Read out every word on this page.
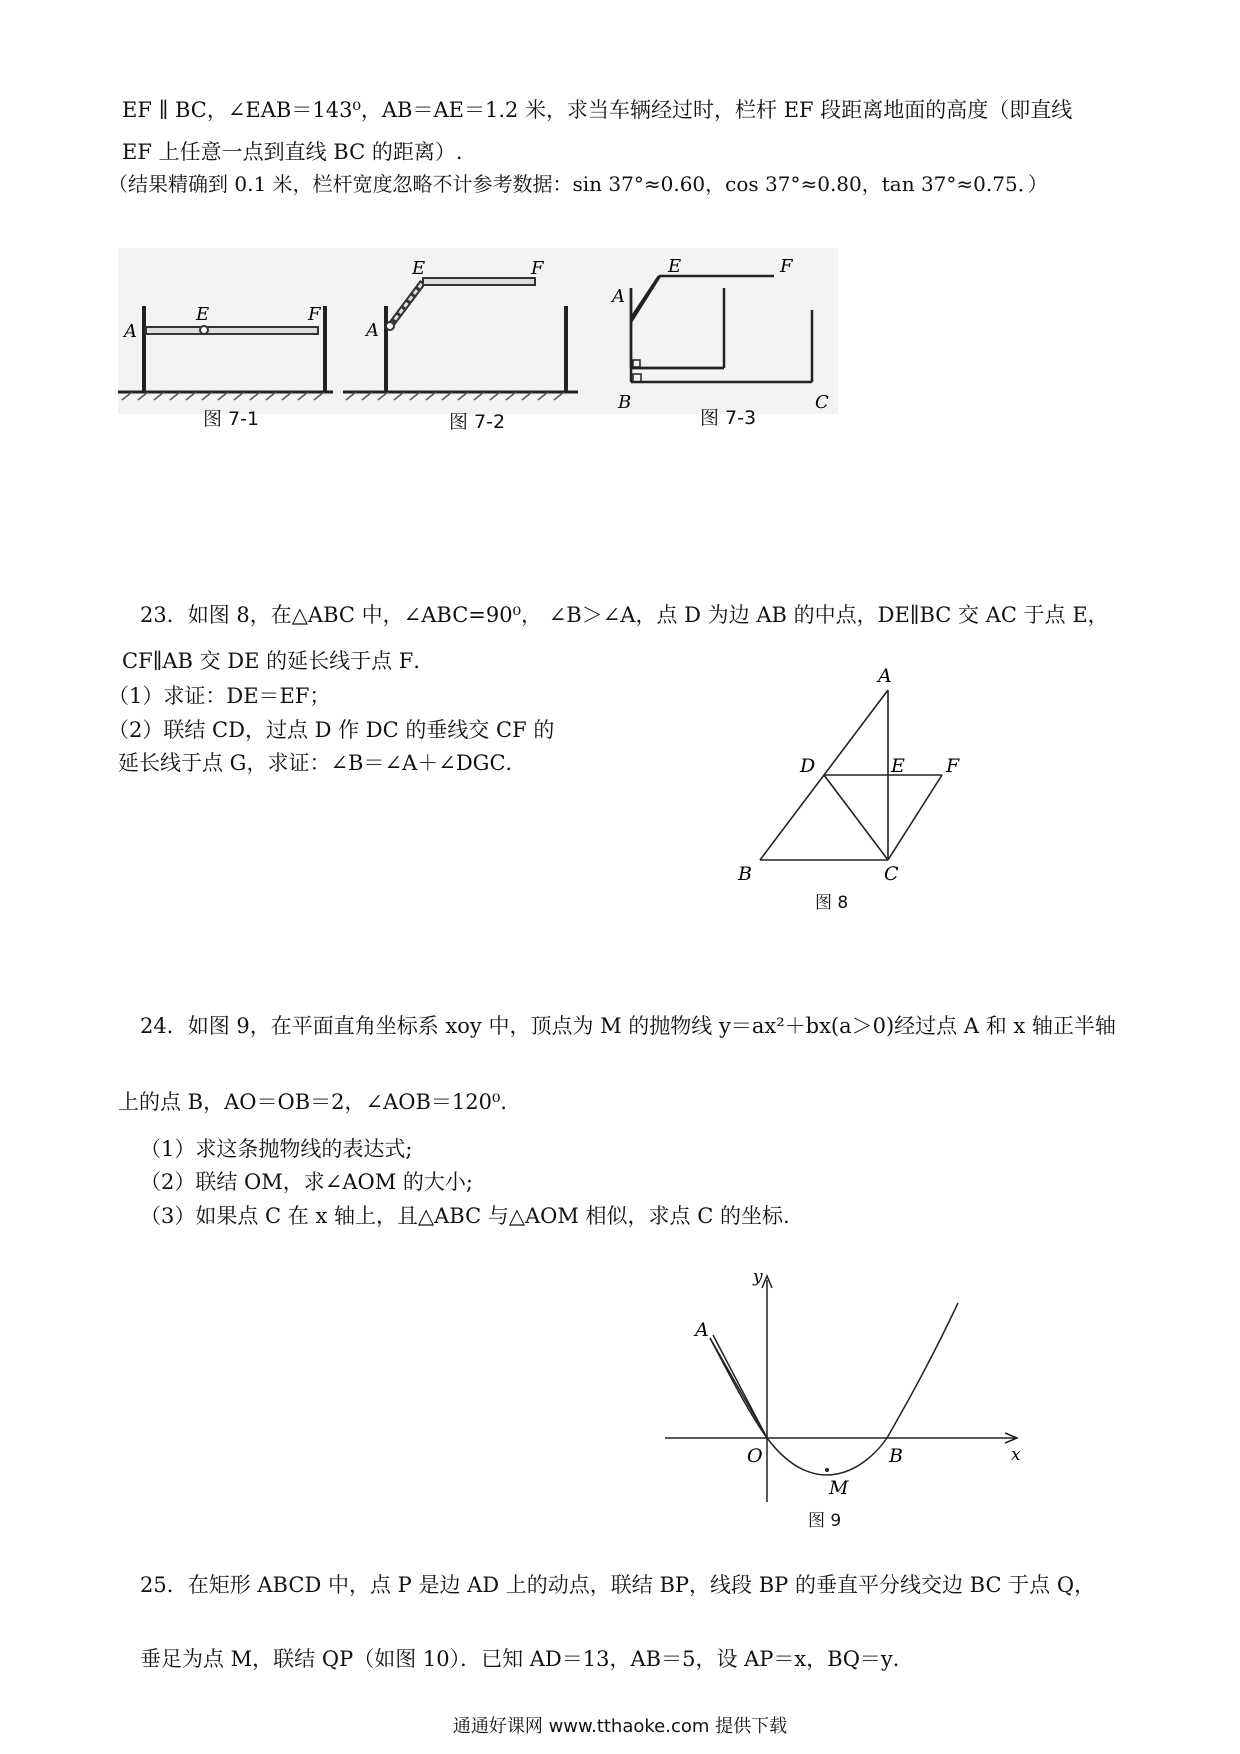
EF ∥ BC，∠EAB＝143⁰，AB＝AE＝1.2 米，求当车辆经过时，栏杆 EF 段距离地面的高度（即直线
EF 上任意一点到直线 BC 的距离）.
（结果精确到 0.1 米，栏杆宽度忽略不计参考数据：sin 37°≈0.60，cos 37°≈0.80，tan 37°≈0.75．）
A
E	F
A
E	F
A
E	F
B	C
图 7-1	图 7-2	图 7-3
23．如图 8，在△ABC 中，∠ABC=90⁰， ∠B＞∠A，点 D 为边 AB 的中点，DE∥BC 交 AC 于点 E，
CF∥AB 交 DE 的延长线于点 F．
（1）求证：DE＝EF；
（2）联结 CD，过点 D 作 DC 的垂线交 CF 的
延长线于点 G，求证：∠B＝∠A＋∠DGC．
A
D	E F
B	C
图 8
24．如图 9，在平面直角坐标系 xoy 中，顶点为 M 的抛物线 y＝ax²＋bx(a＞0)经过点 A 和 x 轴正半轴
上的点 B，AO＝OB＝2，∠AOB＝120⁰．
（1）求这条抛物线的表达式;
（2）联结 OM，求∠AOM 的大小;
（3）如果点 C 在 x 轴上，且△ABC 与△AOM 相似，求点 C 的坐标.
y
x
A
O	B
M
图 9
25．在矩形 ABCD 中，点 P 是边 AD 上的动点，联结 BP，线段 BP 的垂直平分线交边 BC 于点 Q，
垂足为点 M，联结 QP（如图 10）．已知 AD＝13，AB＝5，设 AP＝x，BQ＝y．
通通好课网 www.tthaoke.com 提供下载
